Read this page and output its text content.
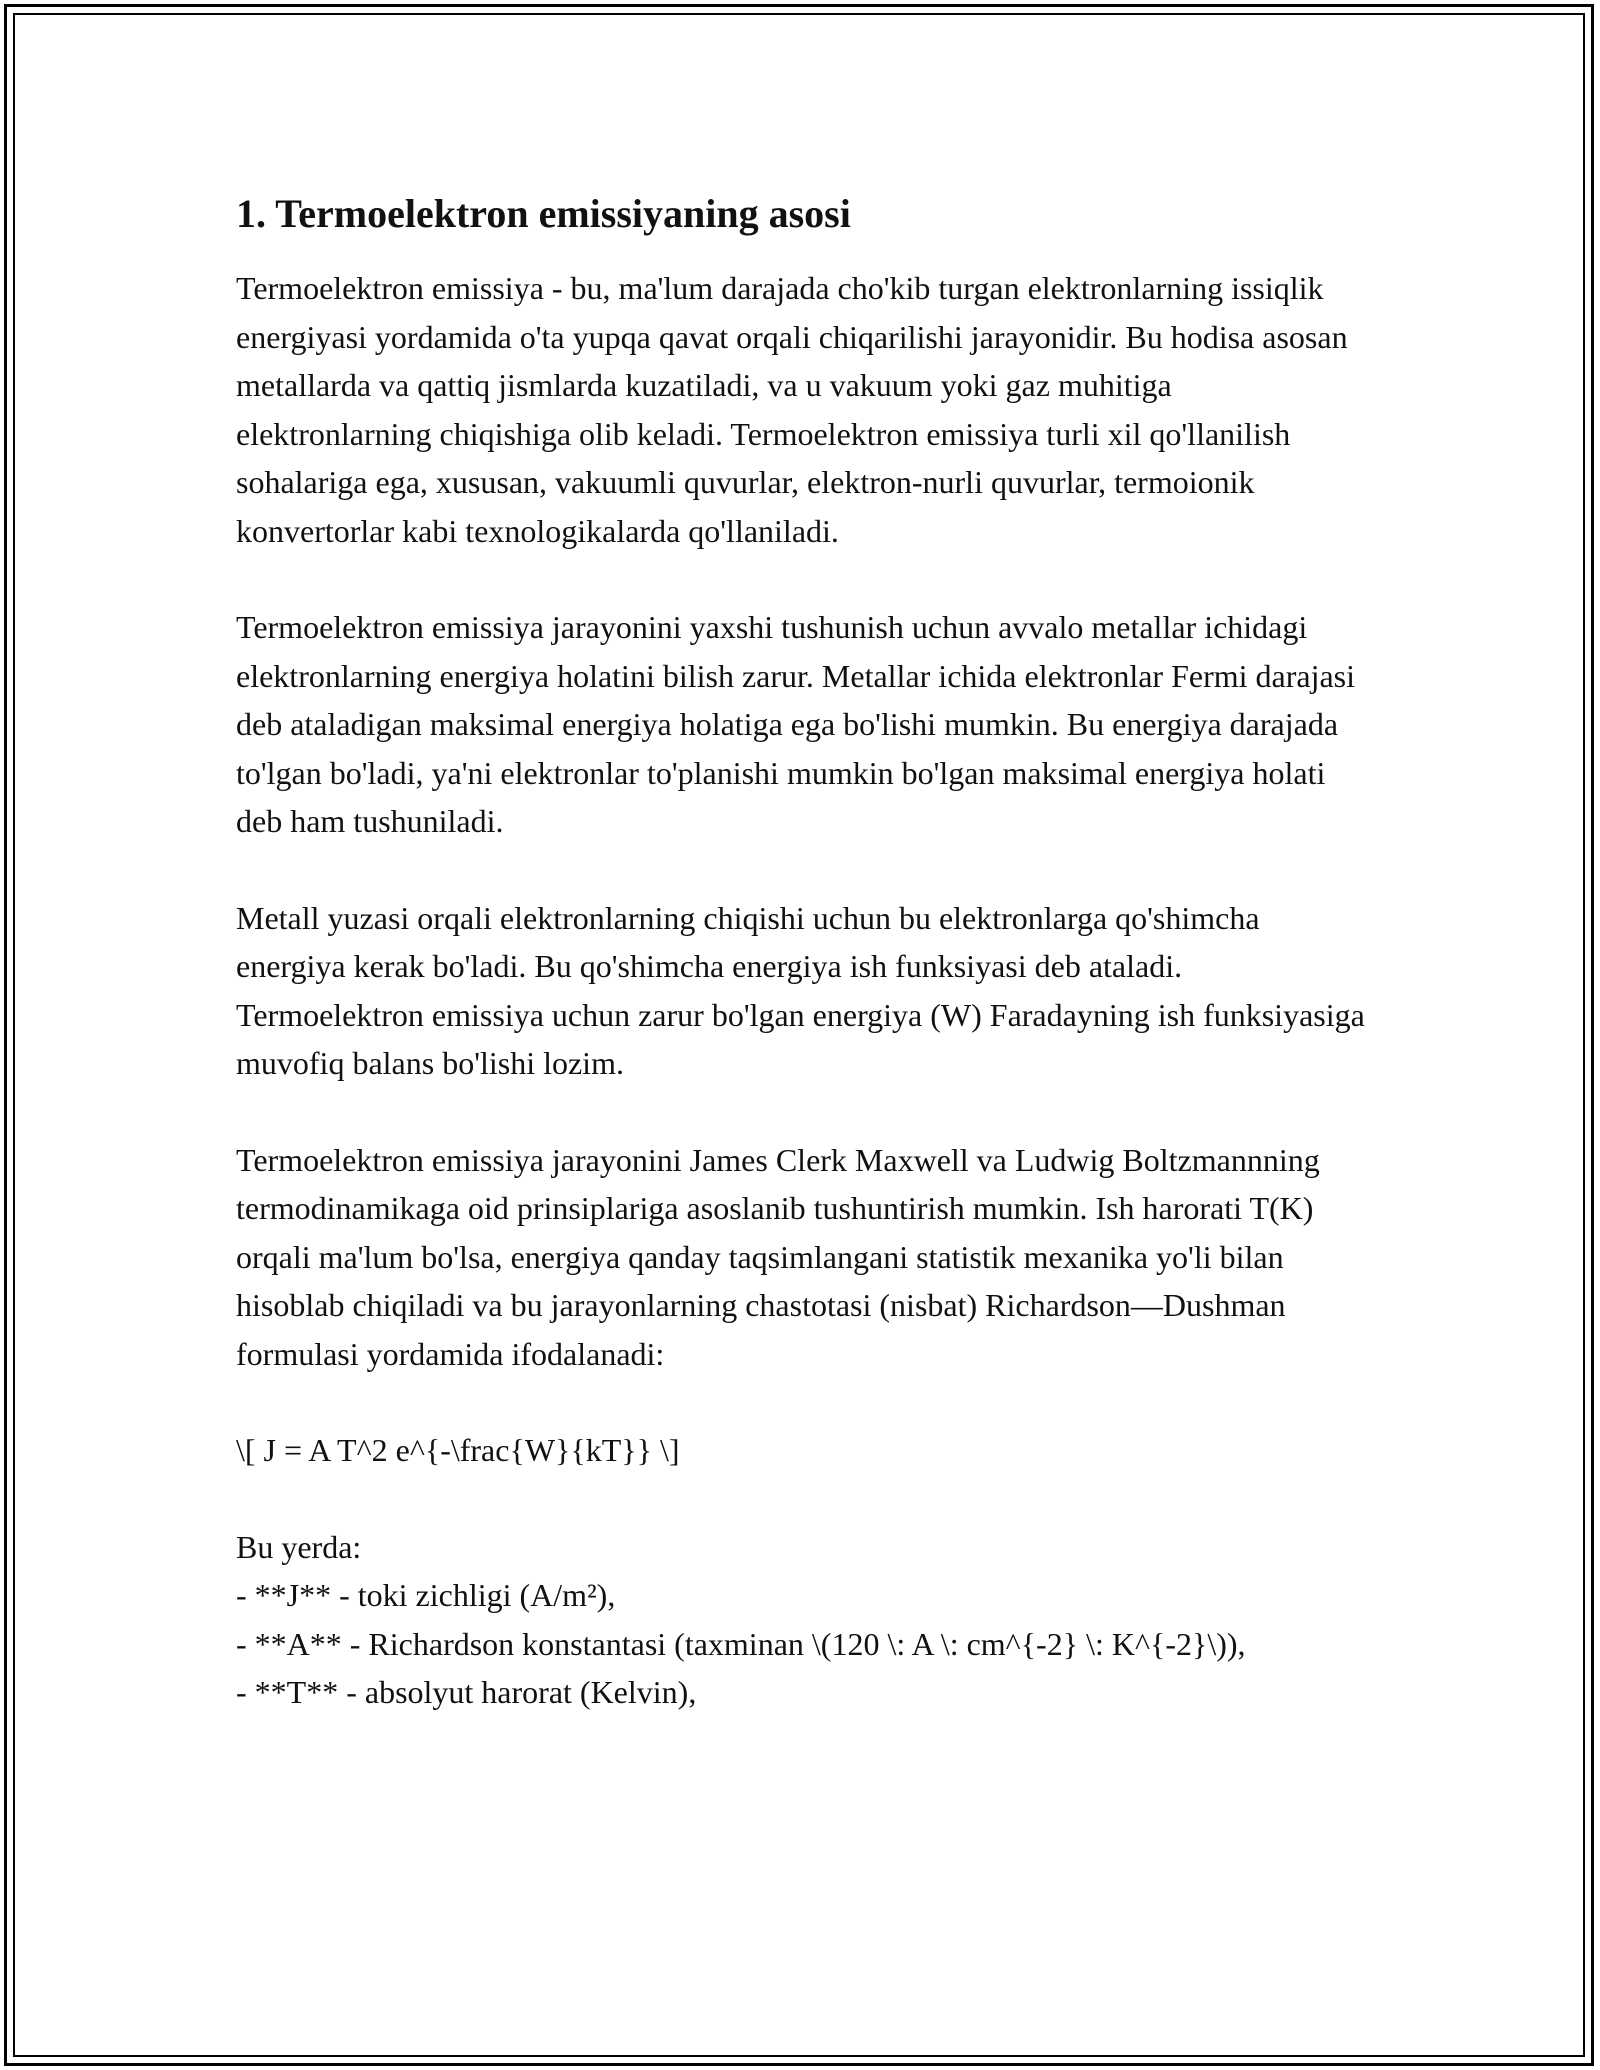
1. Termoelektron emissiyaning asosi

Termoelektron emissiya - bu, ma'lum darajada cho'kib turgan elektronlarning issiqlik energiyasi yordamida o'ta yupqa qavat orqali chiqarilishi jarayonidir. Bu hodisa asosan metallarda va qattiq jismlarda kuzatiladi, va u vakuum yoki gaz muhitiga elektronlarning chiqishiga olib keladi. Termoelektron emissiya turli xil qo'llanilish sohalariga ega, xususan, vakuumli quvurlar, elektron-nurli quvurlar, termoionik konvertorlar kabi texnologikalarda qo'llaniladi.

Termoelektron emissiya jarayonini yaxshi tushunish uchun avvalo metallar ichidagi elektronlarning energiya holatini bilish zarur. Metallar ichida elektronlar Fermi darajasi deb ataladigan maksimal energiya holatiga ega bo'lishi mumkin. Bu energiya darajada to'lgan bo'ladi, ya'ni elektronlar to'planishi mumkin bo'lgan maksimal energiya holati deb ham tushuniladi.

Metall yuzasi orqali elektronlarning chiqishi uchun bu elektronlarga qo'shimcha energiya kerak bo'ladi. Bu qo'shimcha energiya ish funksiyasi deb ataladi. Termoelektron emissiya uchun zarur bo'lgan energiya (W) Faradayning ish funksiyasiga muvofiq balans bo'lishi lozim.

Termoelektron emissiya jarayonini James Clerk Maxwell va Ludwig Boltzmannning termodinamikaga oid prinsiplariga asoslanib tushuntirish mumkin. Ish harorati T(K) orqali ma'lum bo'lsa, energiya qanday taqsimlangani statistik mexanika yo'li bilan hisoblab chiqiladi va bu jarayonlarning chastotasi (nisbat) Richardson—Dushman formulasi yordamida ifodalanadi:

\[ J = A T^2 e^{-\frac{W}{kT}} \]
Bu yerda:
- **J** - toki zichligi (A/m²),
- **A** - Richardson konstantasi (taxminan \(120 \: A \: cm^{-2} \: K^{-2}\)),
- **T** - absolyut harorat (Kelvin),
